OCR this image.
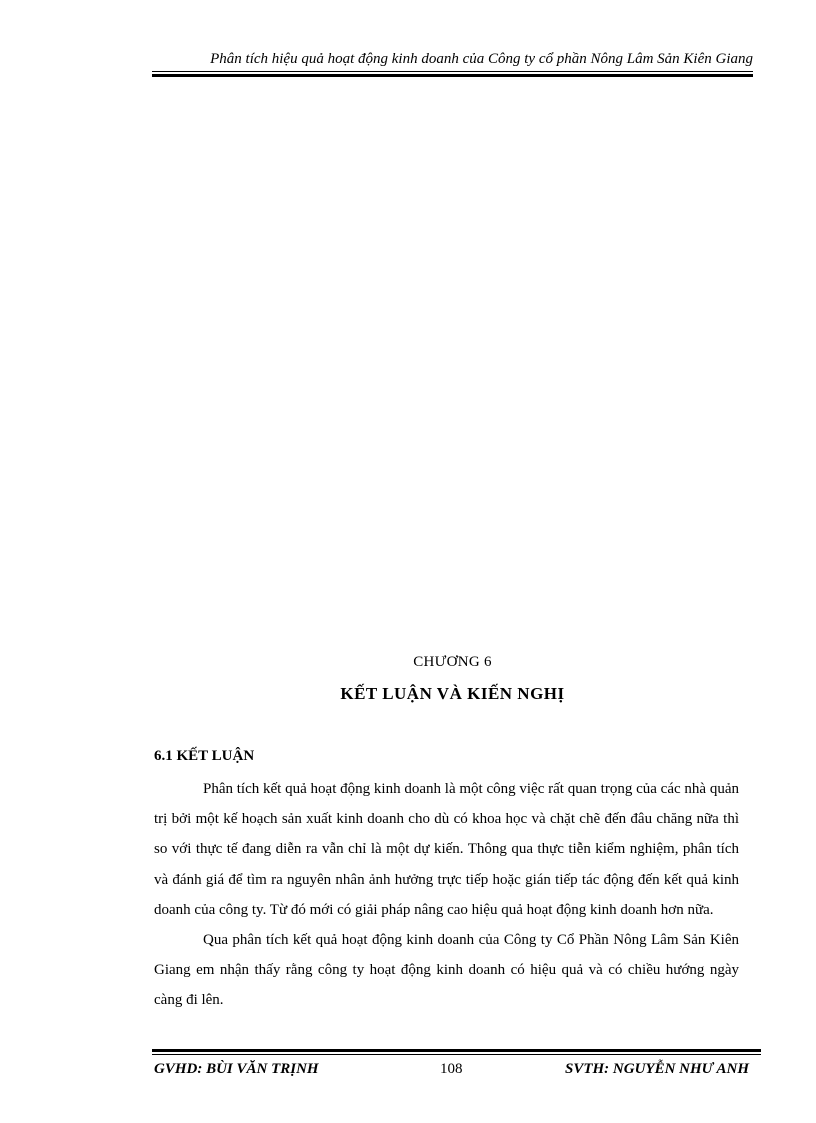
Phân tích hiệu quả hoạt động kinh doanh của Công ty cổ phần Nông Lâm Sản Kiên Giang
CHƯƠNG 6
KẾT LUẬN VÀ KIẾN NGHỊ
6.1 KẾT LUẬN

Phân tích kết quả hoạt động kinh doanh là một công việc rất quan trọng của các nhà quản trị bởi một kế hoạch sản xuất kinh doanh cho dù có khoa học và chặt chẽ đến đâu chăng nữa thì so với thực tế đang diễn ra vẫn chỉ là một dự kiến. Thông qua thực tiễn kiểm nghiệm, phân tích và đánh giá để tìm ra nguyên nhân ảnh hưởng trực tiếp hoặc gián tiếp tác động đến kết quả kinh doanh của công ty. Từ đó mới có giải pháp nâng cao hiệu quả hoạt động kinh doanh hơn nữa.

Qua phân tích kết quả hoạt động kinh doanh của Công ty Cổ Phần Nông Lâm Sản Kiên Giang em nhận thấy rằng công ty hoạt động kinh doanh có hiệu quả và có chiều hướng ngày càng đi lên.

GVHD: BÙI VĂN TRỊNH	108	SVTH: NGUYỄN NHƯ ANH
